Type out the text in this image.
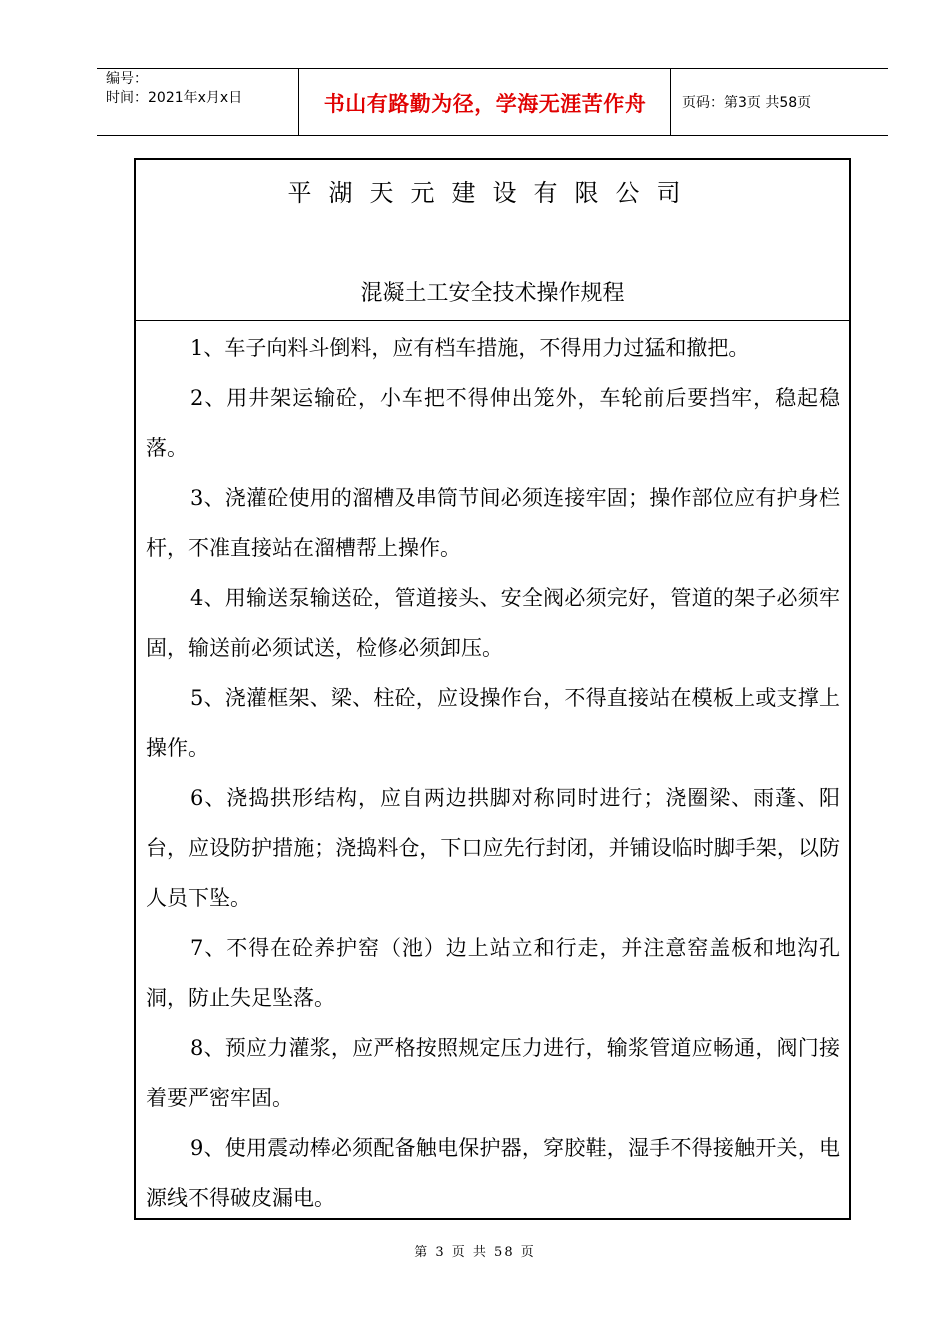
编号：
时间：2021年x月x日	书山有路勤为径，学海无涯苦作舟	页码：第3页 共58页
平湖天元建设有限公司
混凝土工安全技术操作规程
1、车子向料斗倒料，应有档车措施，不得用力过猛和撤把。
2、用井架运输砼，小车把不得伸出笼外，车轮前后要挡牢，稳起稳落。
3、浇灌砼使用的溜槽及串筒节间必须连接牢固；操作部位应有护身栏杆，不准直接站在溜槽帮上操作。
4、用输送泵输送砼，管道接头、安全阀必须完好，管道的架子必须牢固，输送前必须试送，检修必须卸压。
5、浇灌框架、梁、柱砼，应设操作台，不得直接站在模板上或支撑上操作。
6、浇捣拱形结构，应自两边拱脚对称同时进行；浇圈梁、雨蓬、阳台，应设防护措施；浇捣料仓，下口应先行封闭，并铺设临时脚手架，以防人员下坠。
7、不得在砼养护窑（池）边上站立和行走，并注意窑盖板和地沟孔洞，防止失足坠落。
8、预应力灌浆，应严格按照规定压力进行，输浆管道应畅通，阀门接着要严密牢固。
9、使用震动棒必须配备触电保护器，穿胶鞋，湿手不得接触开关，电源线不得破皮漏电。
第 3 页 共 58 页
